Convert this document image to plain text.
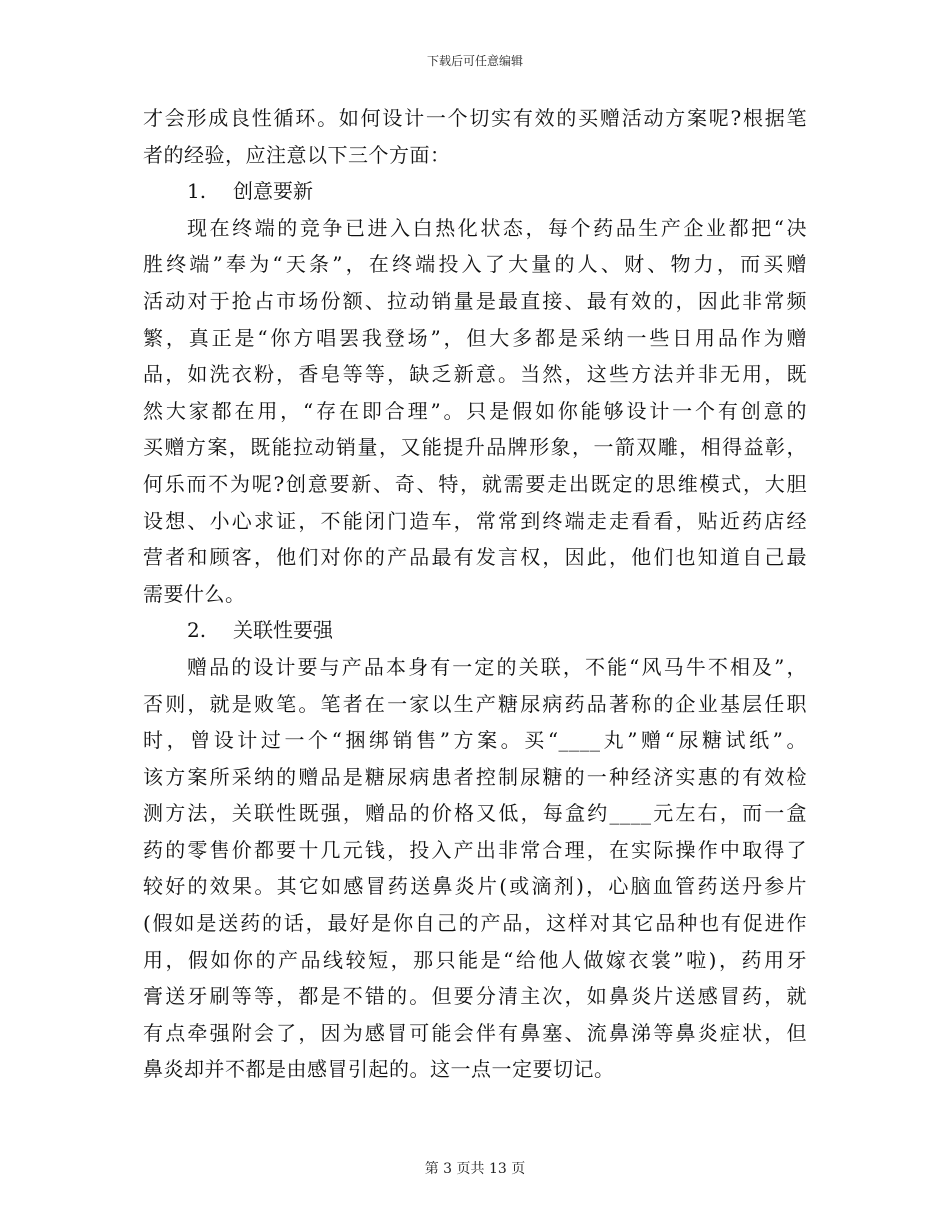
下载后可任意编辑
才会形成良性循环。如何设计一个切实有效的买赠活动方案呢?根据笔
者的经验，应注意以下三个方面：
1. 创意要新
现在终端的竞争已进入白热化状态，每个药品生产企业都把“决
胜终端”奉为“天条”，在终端投入了大量的人、财、物力，而买赠
活动对于抢占市场份额、拉动销量是最直接、最有效的，因此非常频
繁，真正是“你方唱罢我登场”，但大多都是采纳一些日用品作为赠
品，如洗衣粉，香皂等等，缺乏新意。当然，这些方法并非无用，既
然大家都在用，“存在即合理”。只是假如你能够设计一个有创意的
买赠方案，既能拉动销量，又能提升品牌形象，一箭双雕，相得益彰，
何乐而不为呢?创意要新、奇、特，就需要走出既定的思维模式，大胆
设想、小心求证，不能闭门造车，常常到终端走走看看，贴近药店经
营者和顾客，他们对你的产品最有发言权，因此，他们也知道自己最
需要什么。
2. 关联性要强
赠品的设计要与产品本身有一定的关联，不能“风马牛不相及”，
否则，就是败笔。笔者在一家以生产糖尿病药品著称的企业基层任职
时，曾设计过一个“捆绑销售”方案。买“____丸”赠“尿糖试纸”。
该方案所采纳的赠品是糖尿病患者控制尿糖的一种经济实惠的有效检
测方法，关联性既强，赠品的价格又低，每盒约____元左右，而一盒
药的零售价都要十几元钱，投入产出非常合理，在实际操作中取得了
较好的效果。其它如感冒药送鼻炎片(或滴剂)，心脑血管药送丹参片
(假如是送药的话，最好是你自己的产品，这样对其它品种也有促进作
用，假如你的产品线较短，那只能是“给他人做嫁衣裳”啦)，药用牙
膏送牙刷等等，都是不错的。但要分清主次，如鼻炎片送感冒药，就
有点牵强附会了，因为感冒可能会伴有鼻塞、流鼻涕等鼻炎症状，但
鼻炎却并不都是由感冒引起的。这一点一定要切记。
第 3 页共 13 页
